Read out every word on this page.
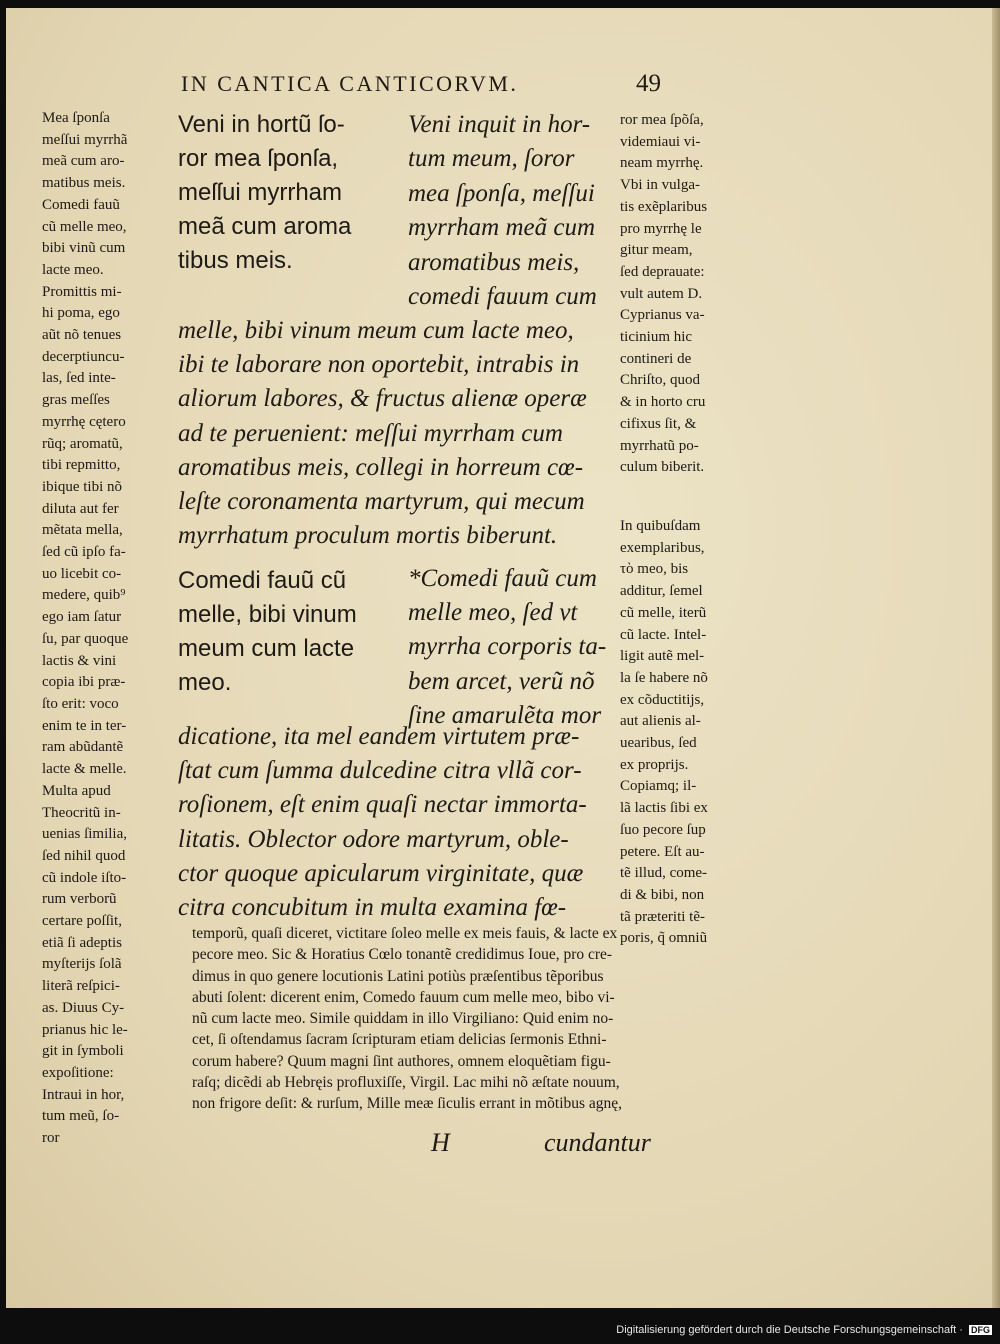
IN CANTICA CANTICORVM.	49
Mea ſponſa
meſſui myrrhã
meã cum aro-
matibus meis.
Comedi fauũ
cũ melle meo,
bibi vinũ cum
lacte meo.
Promittis mi-
hi poma, ego
aũt nõ tenues
decerptiuncu-
las, ſed inte-
gras meſſes
myrrhę cętero
rũq; aromatũ,
tibi repmitto,
ibique tibi nõ
diluta aut fer
mẽtata mella,
ſed cũ ipſo fa-
uo licebit co-
medere, quib⁹
ego iam ſatur
ſu, par quoque
lactis & vini
copia ibi præ-
ſto erit: voco
enim te in ter-
ram abũdantẽ
lacte & melle.
Multa apud
Theocritũ in-
uenias ſimilia,
ſed nihil quod
cũ indole iſto-
rum verborũ
certare poſſit,
etiã ſi adeptis
myſterijs ſolã
literã reſpici-
as. Diuus Cy-
prianus hic le-
git in ſymboli
expoſitione:
Intraui in hor,
tum meũ, ſo-
ror
Veni in hortũ ſo-
ror mea ſponſa,
meſſui myrrham
meã cum aroma
tibus meis.
Veni inquit in hor-
tum meum, ſoror
mea ſponſa, meſſui
myrrham meã cum
aromatibus meis,
comedi fauum cum
ror mea ſpõſa,
videmiaui vi-
neam myrrhę.
Vbi in vulga-
tis exẽplaribus
pro myrrhę le
gitur meam,
ſed deprauate:
vult autem D.
Cyprianus va-
ticinium hic
contineri de
Chriſto, quod
& in horto cru
cifixus ſit, &
myrrhatũ po-
culum biberit.
melle, bibi vinum meum cum lacte meo,
ibi te laborare non oportebit, intrabis in
aliorum labores, & fructus alienæ operæ
ad te peruenient: meſſui myrrham cum
aromatibus meis, collegi in horreum cœ-
leſte coronamenta martyrum, qui mecum
myrrhatum proculum mortis biberunt.	In quibuſdam
exemplaribus,
τὸ meo, bis
additur, ſemel
cũ melle, iterũ
cũ lacte. Intel-
ligit autẽ mel-
la ſe habere nõ
ex cõductitijs,
aut alienis al-
uearibus, ſed
ex proprijs.
Copiamq; il-
lã lactis ſibi ex
ſuo pecore ſup
petere. Eſt au-
tẽ illud, come-
di & bibi, non
tã præteriti tẽ-
poris, q̃ omniũ
Comedi fauũ cũ
melle, bibi vinum
meum cum lacte
meo.
*Comedi fauũ cum
melle meo, ſed vt
myrrha corporis ta-
bem arcet, verũ nõ
ſine amarulẽta mor
dicatione, ita mel eandem virtutem præ-
ſtat cum ſumma dulcedine citra vllã cor-
roſionem, eſt enim quaſi nectar immorta-
litatis. Oblector odore martyrum, oble-
ctor quoque apicularum virginitate, quæ
citra concubitum in multa examina fœ-
temporũ, quaſi diceret, victitare ſoleo melle ex meis fauis, & lacte ex
pecore meo. Sic & Horatius Cœlo tonantẽ credidimus Ioue, pro cre-
dimus in quo genere locutionis Latini potiùs præſentibus tẽporibus
abuti ſolent: dicerent enim, Comedo fauum cum melle meo, bibo vi-
nũ cum lacte meo. Simile quiddam in illo Virgiliano: Quid enim no-
cet, ſi oſtendamus ſacram ſcripturam etiam delicias ſermonis Ethni-
corum habere? Quum magni ſint authores, omnem eloquẽtiam figu-
raſq; dicẽdi ab Hebręis profluxiſſe, Virgil. Lac mihi nõ æſtate nouum,
non frigore deſit: & rurſum, Mille meæ ſiculis errant in mõtibus agnę,
H	cundantur
Digitalisierung gefördert durch die Deutsche Forschungsgemeinschaft · DFG
